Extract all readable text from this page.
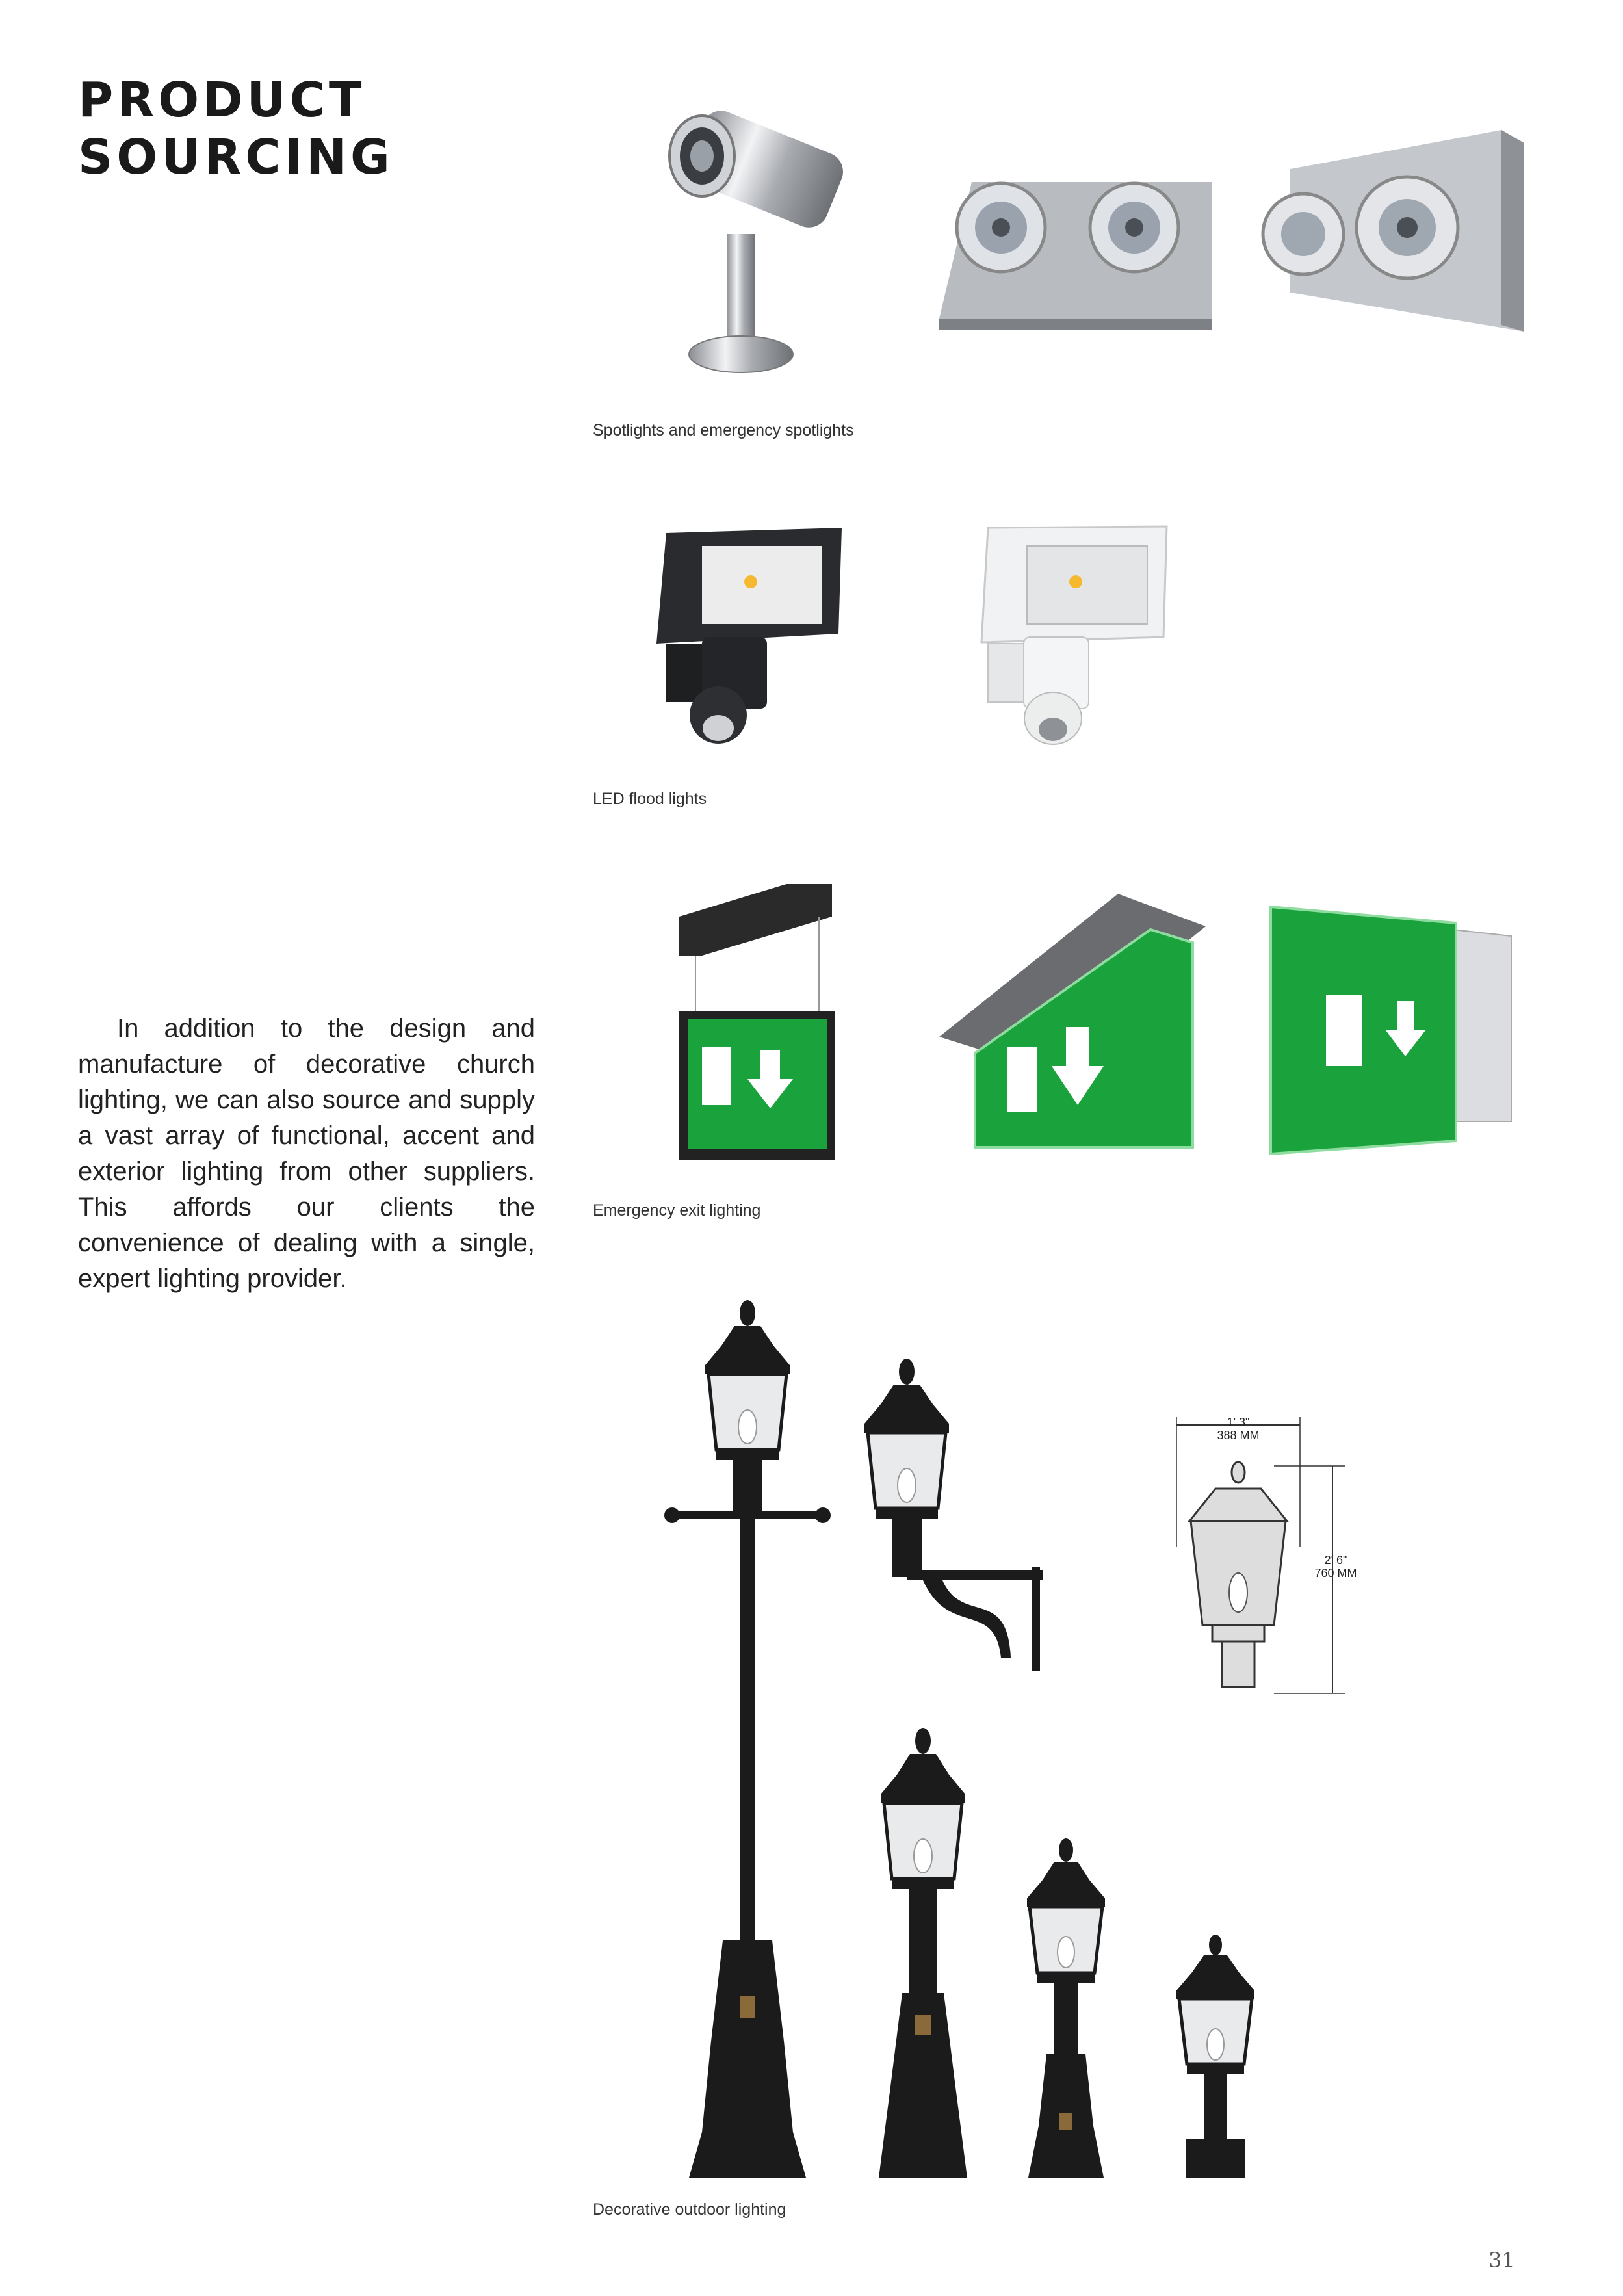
PRODUCT
SOURCING

In addition to the design and manufacture of decorative church lighting, we can also source and supply a vast array of functional, accent and exterior lighting from other suppliers. This affords our clients the convenience of dealing with a single, expert lighting provider.

Spotlights and emergency spotlights

LED flood lights

Emergency exit lighting

1' 3"
388 MM
2' 6"
760 MM

Decorative outdoor lighting

31
